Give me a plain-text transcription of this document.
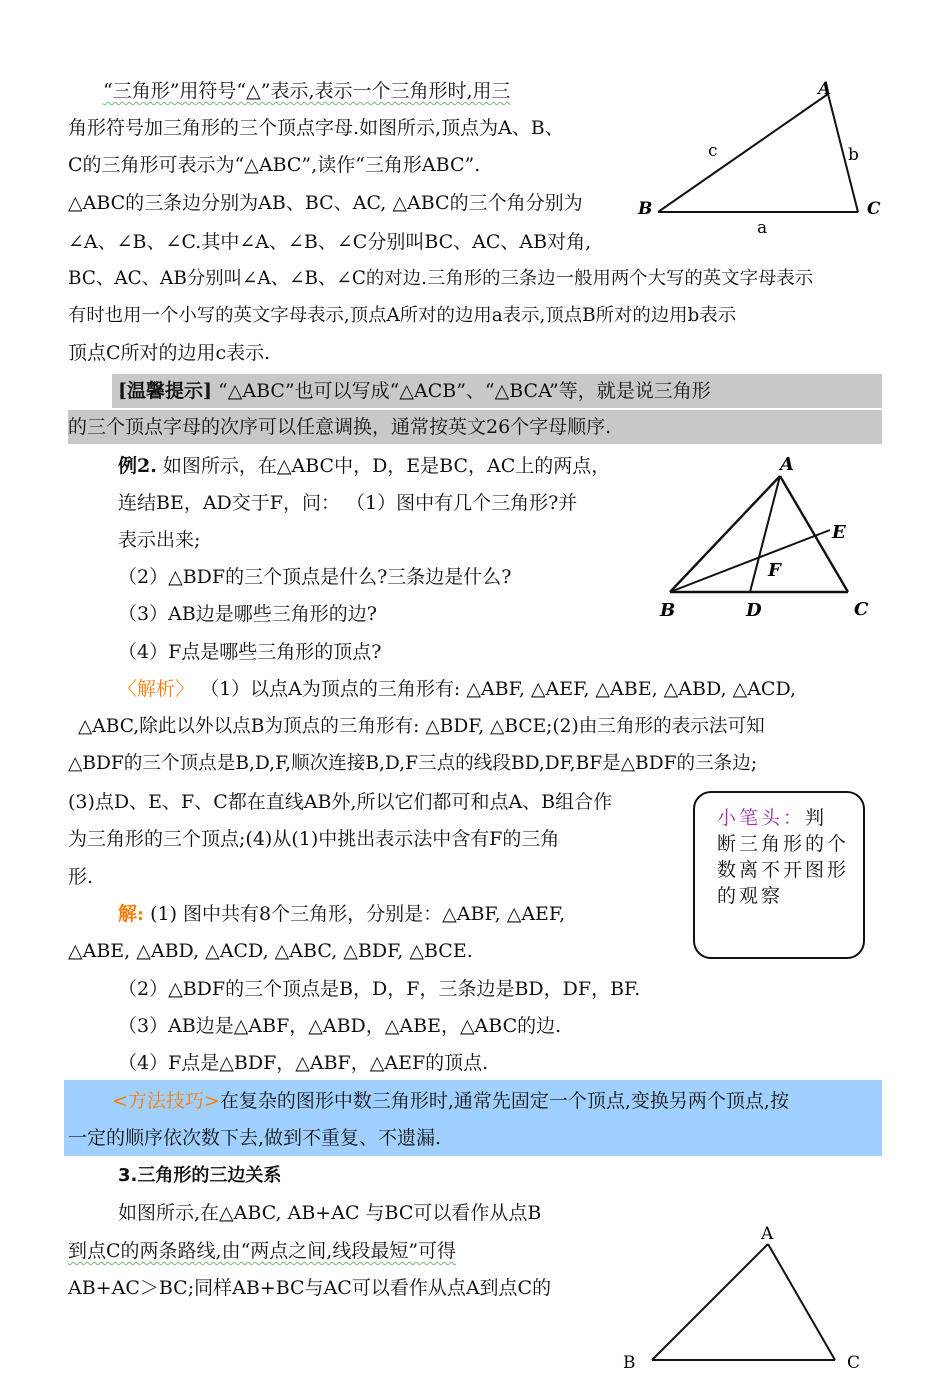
“三角形”用符号“△”表示,表示一个三角形时,用三
角形符号加三角形的三个顶点字母.如图所示,顶点为A、B、
C的三角形可表示为“△ABC”,读作“三角形ABC”.
△ABC的三条边分别为AB、BC、AC, △ABC的三个角分别为
∠A、∠B、∠C.其中∠A、∠B、∠C分别叫BC、AC、AB对角,
BC、AC、AB分别叫∠A、∠B、∠C的对边.三角形的三条边一般用两个大写的英文字母表示
有时也用一个小写的英文字母表示,顶点A所对的边用a表示,顶点B所对的边用b表示
顶点C所对的边用c表示.
A
B	C
c	b
a
[温馨提示] “△ABC”也可以写成“△ACB”、“△BCA”等，就是说三角形
的三个顶点字母的次序可以任意调换，通常按英文26个字母顺序.
例2. 如图所示，在△ABC中，D，E是BC，AC上的两点，
连结BE，AD交于F，问： （1）图中有几个三角形?并
表示出来;
（2）△BDF的三个顶点是什么?三条边是什么?
（3）AB边是哪些三角形的边?
（4）F点是哪些三角形的顶点?
A
B	C
D
E
F
〈解析〉 （1）以点A为顶点的三角形有: △ABF, △AEF, △ABE, △ABD, △ACD,
△ABC,除此以外以点B为顶点的三角形有: △BDF, △BCE;(2)由三角形的表示法可知
△BDF的三个顶点是B,D,F,顺次连接B,D,F三点的线段BD,DF,BF是△BDF的三条边;
(3)点D、E、F、C都在直线AB外,所以它们都可和点A、B组合作
为三角形的三个顶点;(4)从(1)中挑出表示法中含有F的三角
形.
小笔头：判断三角形的个数离不开图形的观察
解: (1) 图中共有8个三角形，分别是：△ABF, △AEF,
△ABE, △ABD, △ACD, △ABC, △BDF, △BCE.
（2）△BDF的三个顶点是B，D，F，三条边是BD，DF，BF.
（3）AB边是△ABF，△ABD，△ABE，△ABC的边.
（4）F点是△BDF，△ABF，△AEF的顶点.
<方法技巧>在复杂的图形中数三角形时,通常先固定一个顶点,变换另两个顶点,按
一定的顺序依次数下去,做到不重复、不遗漏.
3.三角形的三边关系
如图所示,在△ABC, AB+AC 与BC可以看作从点B
到点C的两条路线,由“两点之间,线段最短”可得
AB+AC＞BC;同样AB+BC与AC可以看作从点A到点C的
A
B	C
